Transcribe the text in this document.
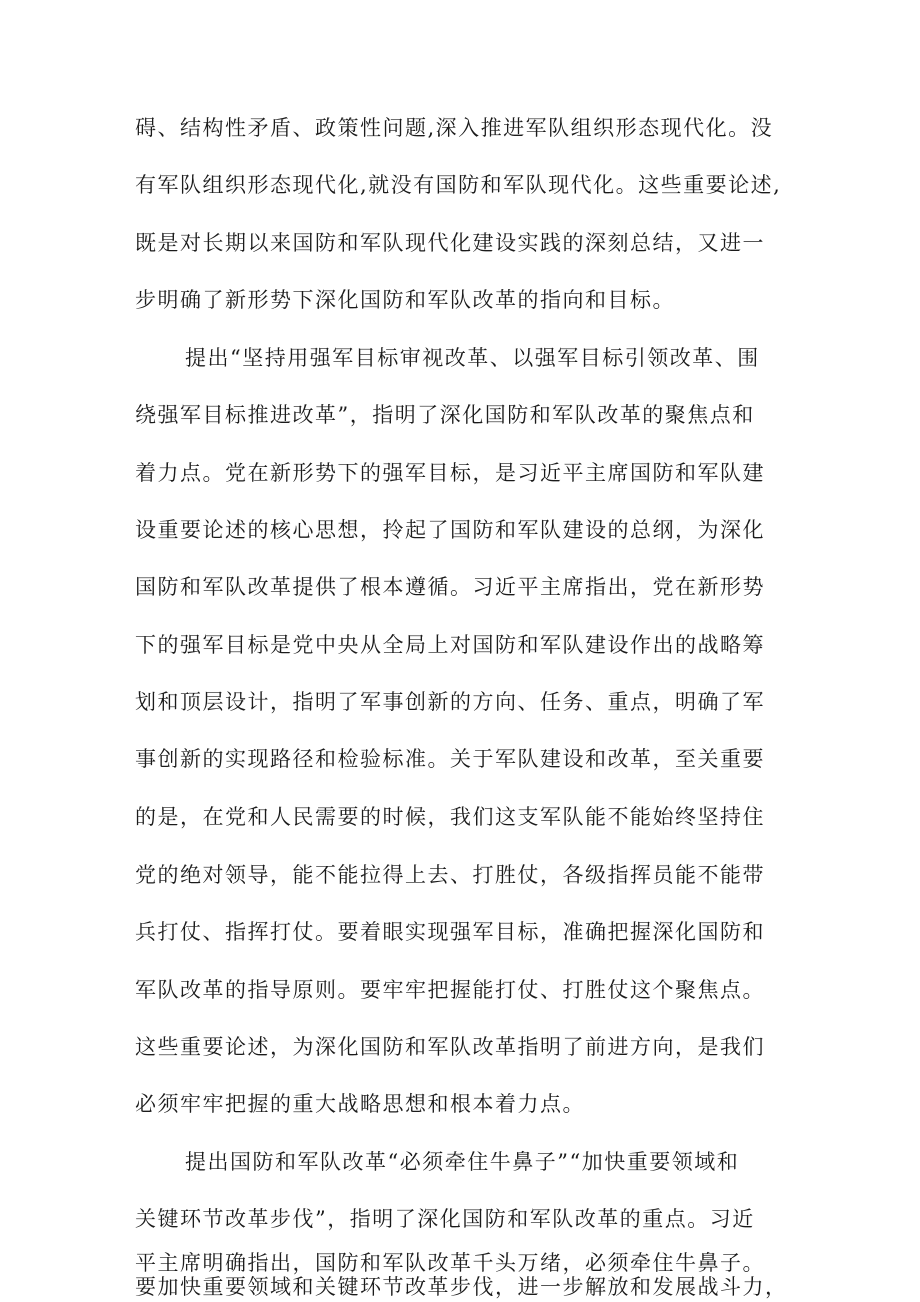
碍、结构性矛盾、政策性问题,深入推进军队组织形态现代化。没

有军队组织形态现代化,就没有国防和军队现代化。这些重要论述,

既是对长期以来国防和军队现代化建设实践的深刻总结，又进一

步明确了新形势下深化国防和军队改革的指向和目标。

提出“坚持用强军目标审视改革、以强军目标引领改革、围

绕强军目标推进改革”，指明了深化国防和军队改革的聚焦点和

着力点。党在新形势下的强军目标，是习近平主席国防和军队建

设重要论述的核心思想，拎起了国防和军队建设的总纲，为深化

国防和军队改革提供了根本遵循。习近平主席指出，党在新形势

下的强军目标是党中央从全局上对国防和军队建设作出的战略筹

划和顶层设计，指明了军事创新的方向、任务、重点，明确了军

事创新的实现路径和检验标准。关于军队建设和改革，至关重要

的是，在党和人民需要的时候，我们这支军队能不能始终坚持住

党的绝对领导，能不能拉得上去、打胜仗，各级指挥员能不能带

兵打仗、指挥打仗。要着眼实现强军目标，准确把握深化国防和

军队改革的指导原则。要牢牢把握能打仗、打胜仗这个聚焦点。

这些重要论述，为深化国防和军队改革指明了前进方向，是我们

必须牢牢把握的重大战略思想和根本着力点。

提出国防和军队改革“必须牵住牛鼻子”“加快重要领域和

关键环节改革步伐”，指明了深化国防和军队改革的重点。习近

平主席明确指出，国防和军队改革千头万绪，必须牵住牛鼻子。

要加快重要领域和关键环节改革步伐，进一步解放和发展战斗力，
